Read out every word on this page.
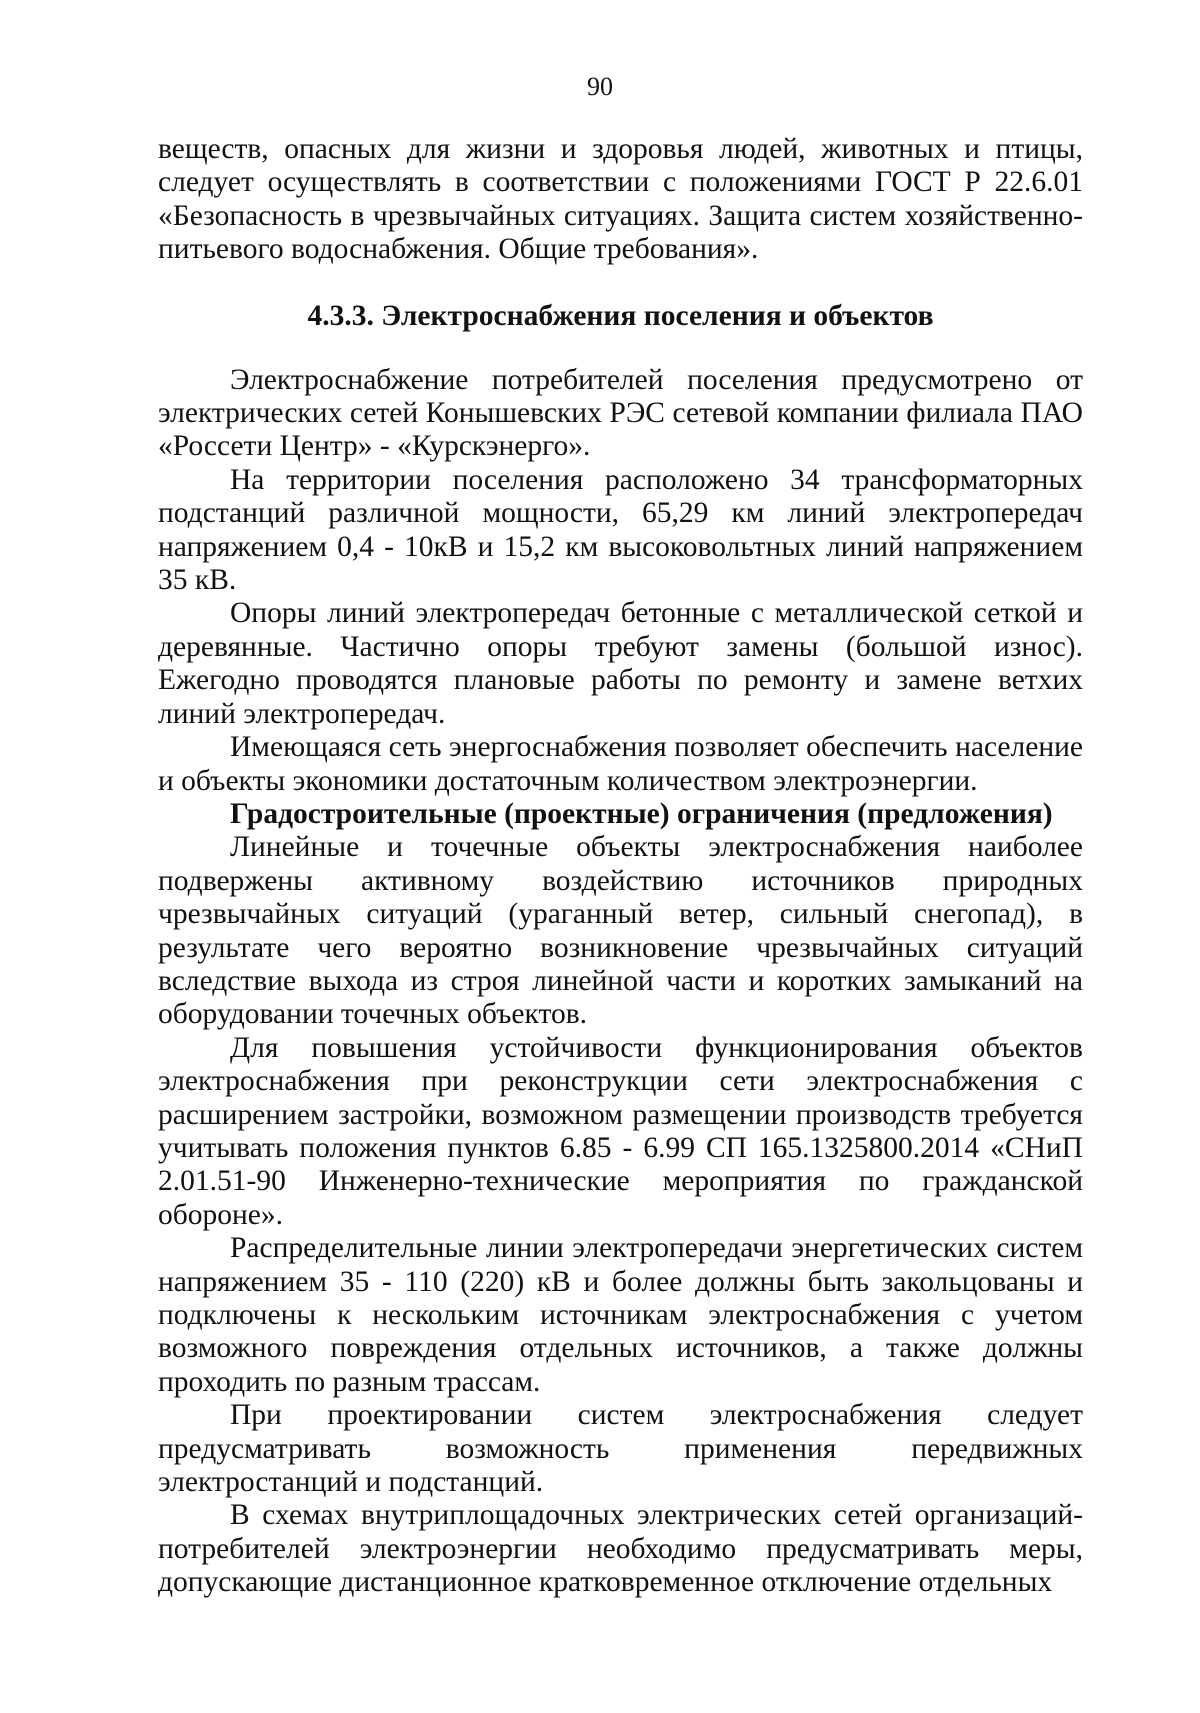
90

веществ, опасных для жизни и здоровья людей, животных и птицы, следует осуществлять в соответствии с положениями ГОСТ Р 22.6.01 «Безопасность в чрезвычайных ситуациях. Защита систем хозяйственно-питьевого водоснабжения. Общие требования».

4.3.3. Электроснабжения поселения и объектов

Электроснабжение потребителей поселения предусмотрено от электрических сетей Конышевских РЭС сетевой компании филиала ПАО «Россети Центр» - «Курскэнерго».

На территории поселения расположено 34 трансформаторных подстанций различной мощности, 65,29 км линий электропередач напряжением 0,4 - 10кВ и 15,2 км высоковольтных линий напряжением 35 кВ.

Опоры линий электропередач бетонные с металлической сеткой и деревянные. Частично опоры требуют замены (большой износ). Ежегодно проводятся плановые работы по ремонту и замене ветхих линий электропередач.

Имеющаяся сеть энергоснабжения позволяет обеспечить население и объекты экономики достаточным количеством электроэнергии.

Градостроительные (проектные) ограничения (предложения)

Линейные и точечные объекты электроснабжения наиболее подвержены активному воздействию источников природных чрезвычайных ситуаций (ураганный ветер, сильный снегопад), в результате чего вероятно возникновение чрезвычайных ситуаций вследствие выхода из строя линейной части и коротких замыканий на оборудовании точечных объектов.

Для повышения устойчивости функционирования объектов электроснабжения при реконструкции сети электроснабжения с расширением застройки, возможном размещении производств требуется учитывать положения пунктов 6.85 - 6.99 СП 165.1325800.2014 «СНиП 2.01.51-90 Инженерно-технические мероприятия по гражданской обороне».

Распределительные линии электропередачи энергетических систем напряжением 35 - 110 (220) кВ и более должны быть закольцованы и подключены к нескольким источникам электроснабжения с учетом возможного повреждения отдельных источников, а также должны проходить по разным трассам.

При проектировании систем электроснабжения следует предусматривать возможность применения передвижных электростанций и подстанций.

В схемах внутриплощадочных электрических сетей организаций-потребителей электроэнергии необходимо предусматривать меры, допускающие дистанционное кратковременное отключение отдельных
